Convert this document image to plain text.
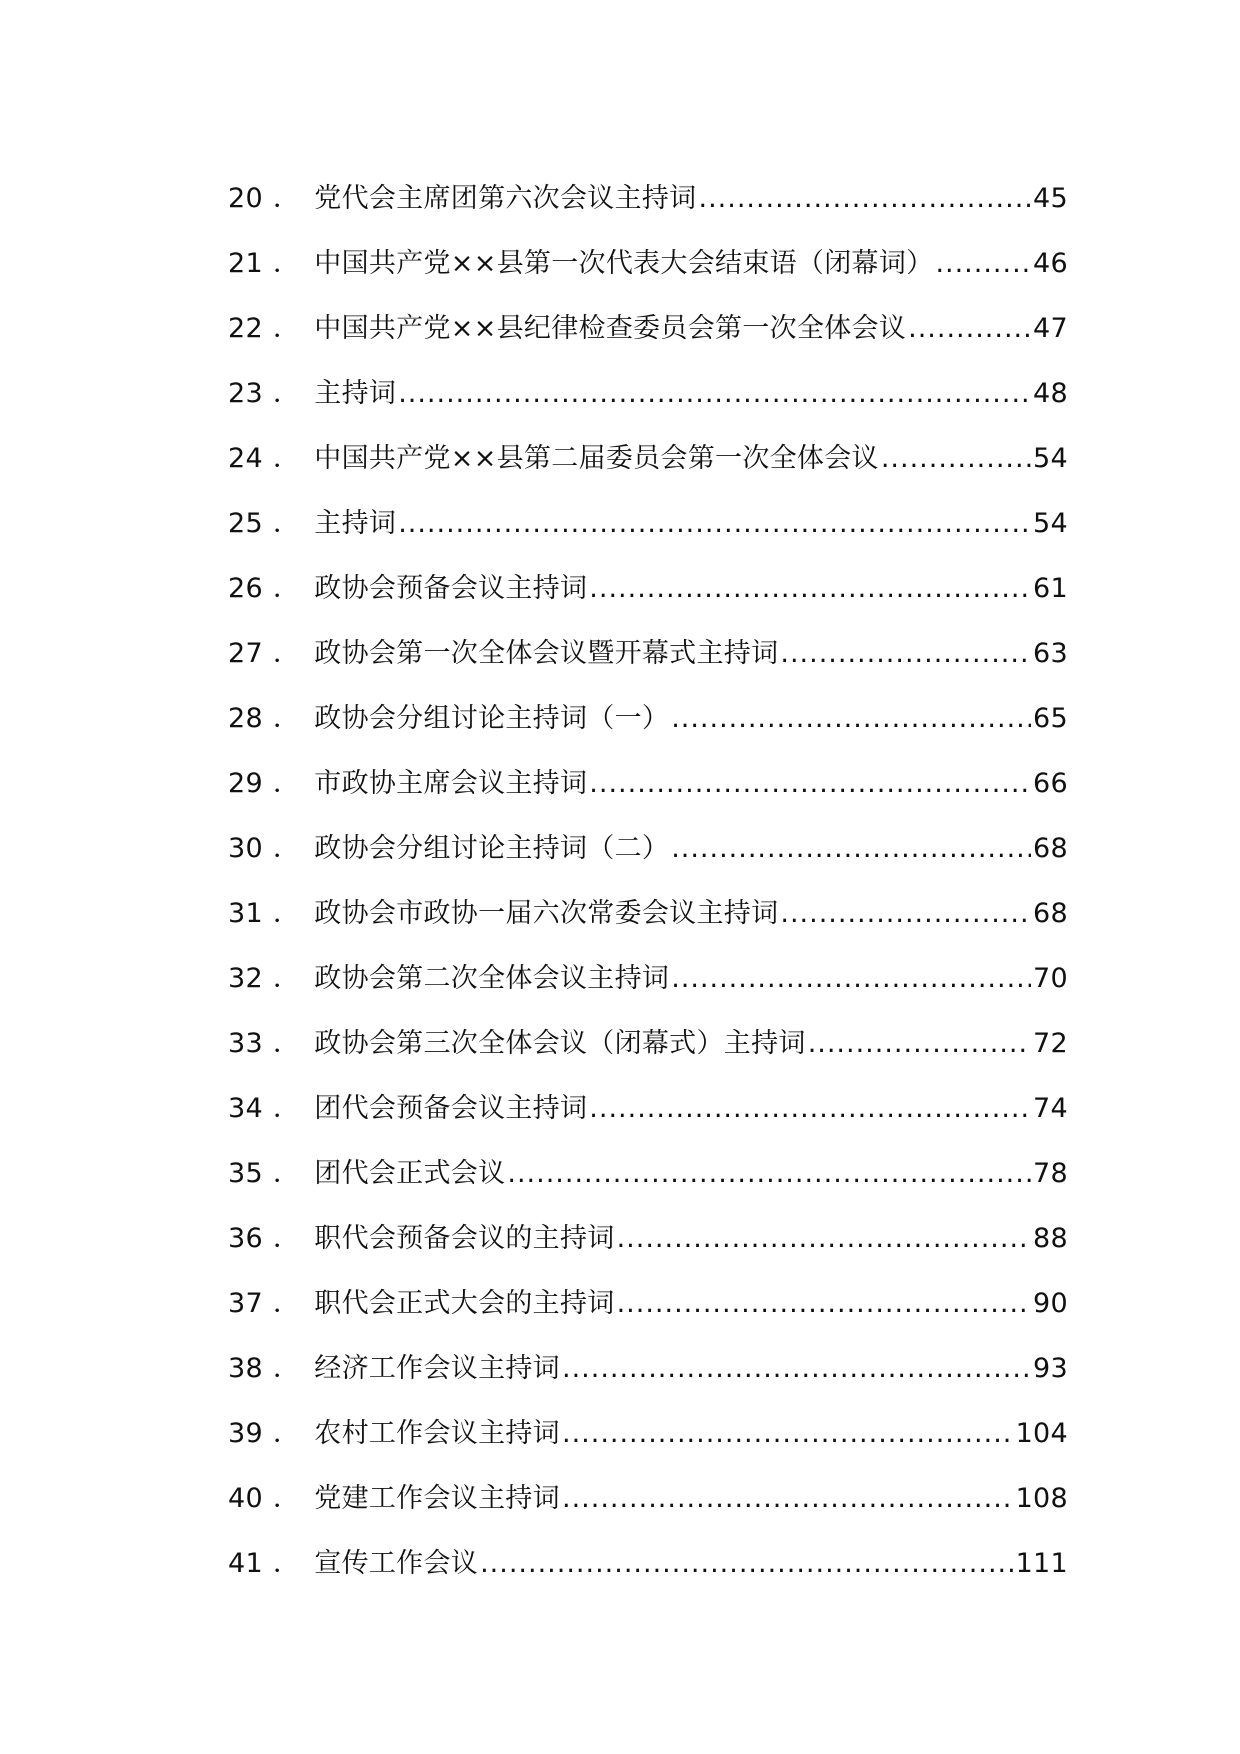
20 ． 党代会主席团第六次会议主持词 .....	45
21 ． 中国共产党××县第一次代表大会结束语（闭幕词） .....	46
22 ． 中国共产党××县纪律检查委员会第一次全体会议 .....	47
23 ． 主持词 .....	48
24 ． 中国共产党××县第二届委员会第一次全体会议 .....	54
25 ． 主持词 .....	54
26 ． 政协会预备会议主持词 .....	61
27 ． 政协会第一次全体会议暨开幕式主持词 .....	63
28 ． 政协会分组讨论主持词（一） .....	65
29 ． 市政协主席会议主持词 .....	66
30 ． 政协会分组讨论主持词（二） .....	68
31 ． 政协会市政协一届六次常委会议主持词 .....	68
32 ． 政协会第二次全体会议主持词 .....	70
33 ． 政协会第三次全体会议（闭幕式）主持词 .....	72
34 ． 团代会预备会议主持词 .....	74
35 ． 团代会正式会议 .....	78
36 ． 职代会预备会议的主持词 .....	88
37 ． 职代会正式大会的主持词 .....	90
38 ． 经济工作会议主持词 .....	93
39 ． 农村工作会议主持词 .....	104
40 ． 党建工作会议主持词 .....	108
41 ． 宣传工作会议 .....	111
